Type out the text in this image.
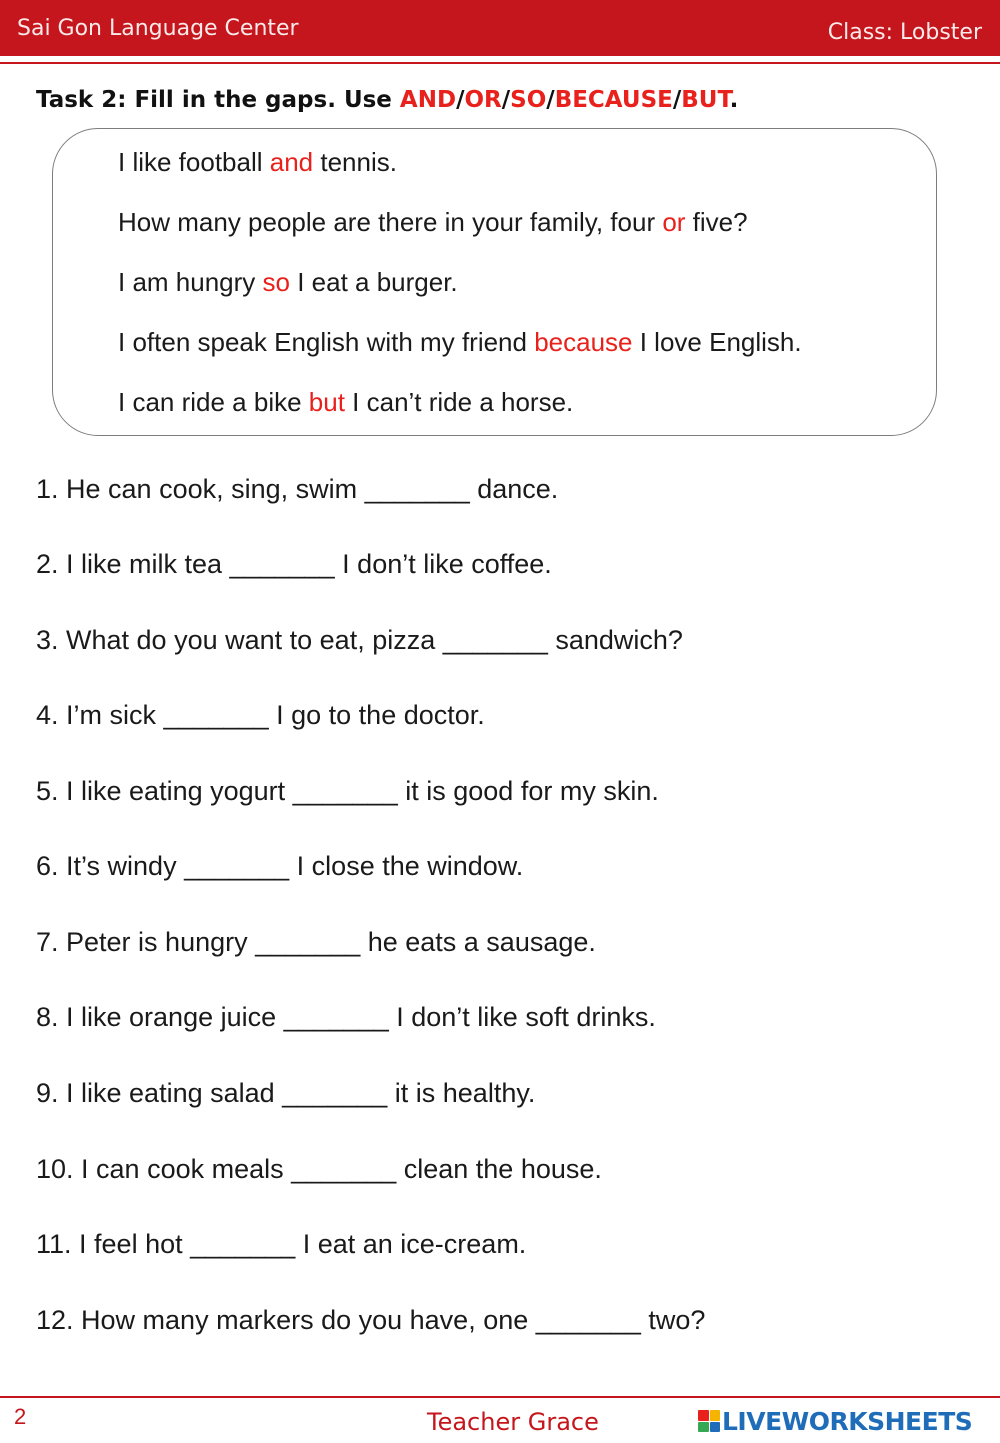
Sai Gon Language Center	Class: Lobster
Task 2: Fill in the gaps. Use AND/OR/SO/BECAUSE/BUT.
I like football and tennis.
How many people are there in your family, four or five?
I am hungry so I eat a burger.
I often speak English with my friend because I love English.
I can ride a bike but I can’t ride a horse.
1. He can cook, sing, swim _______ dance.
2. I like milk tea _______ I don’t like coffee.
3. What do you want to eat, pizza _______ sandwich?
4. I’m sick _______ I go to the doctor.
5. I like eating yogurt _______ it is good for my skin.
6. It’s windy _______ I close the window.
7. Peter is hungry _______ he eats a sausage.
8. I like orange juice _______ I don’t like soft drinks.
9. I like eating salad _______ it is healthy.
10. I can cook meals _______ clean the house.
11. I feel hot _______ I eat an ice-cream.
12. How many markers do you have, one _______ two?
2	Teacher Grace	LIVEWORKSHEETS
